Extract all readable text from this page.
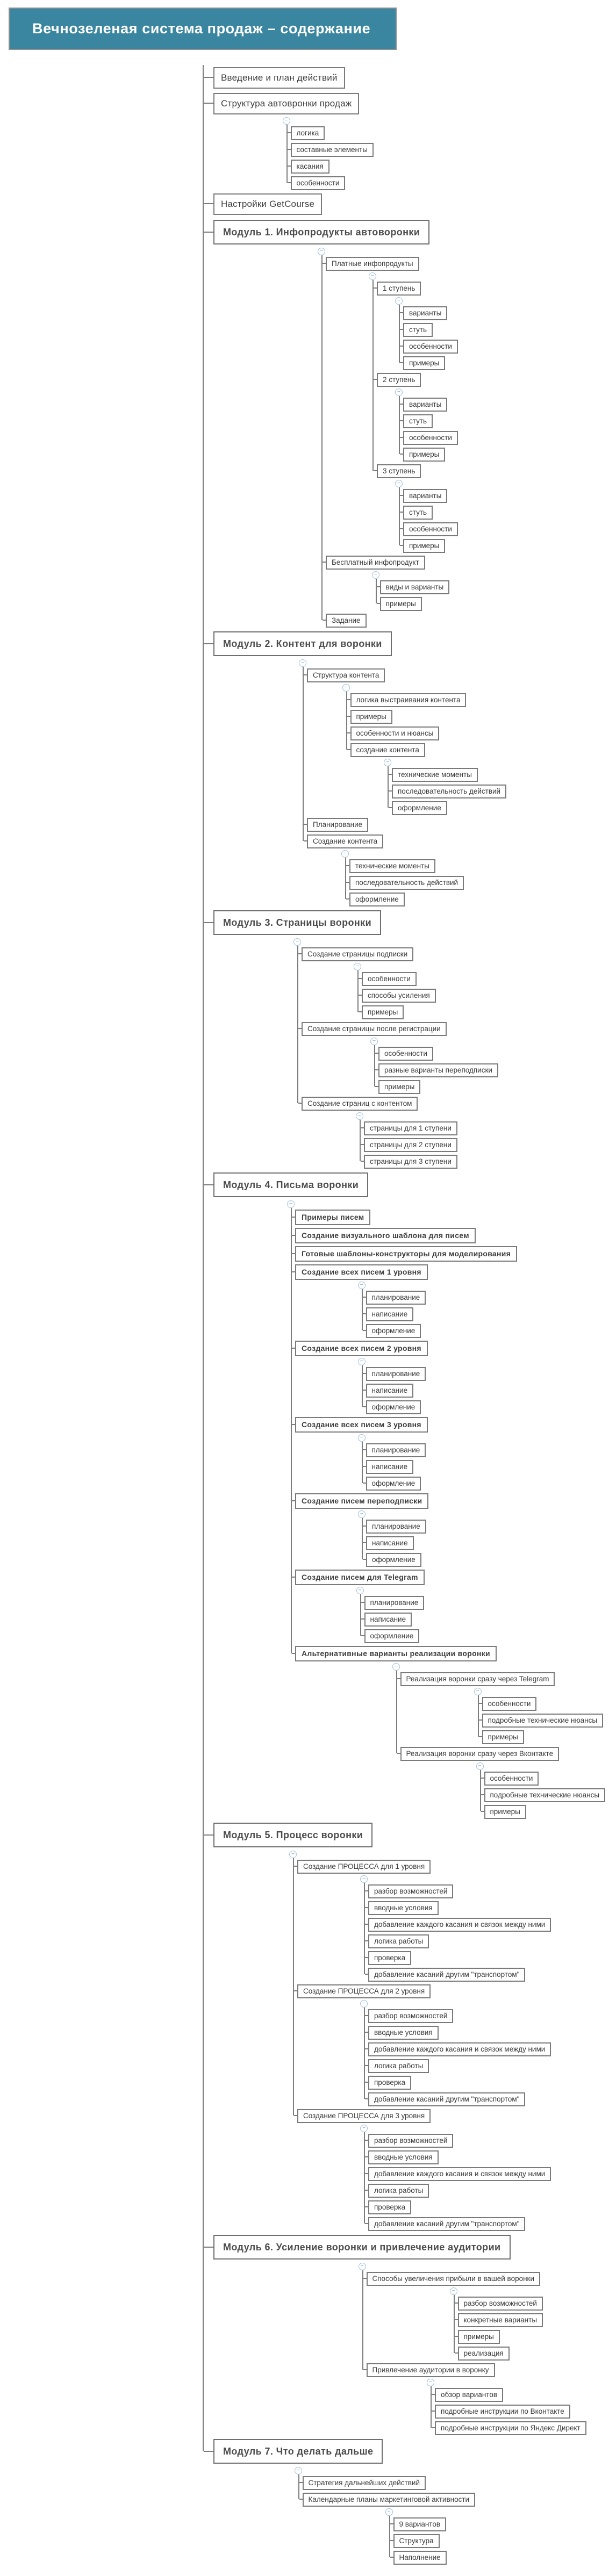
Вечнозеленая система продаж – содержание
Введение и план действий
Структура автовронки продаж
−
логика
составные элементы
касания
особенности
Настройки GetCourse
Модуль 1. Инфопродукты автоворонки
−
Платные инфопродукты
−
1 ступень
−
варианты
стуть
особенности
примеры
2 ступень
−
варианты
стуть
особенности
примеры
3 ступень
−
варианты
стуть
особенности
примеры
Бесплатный инфопродукт
−
виды и варианты
примеры
Задание
Модуль 2. Контент для воронки
−
Структура контента
−
логика выстраивания контента
примеры
особенности и нюансы
создание контента
−
технические моменты
последовательность действий
оформление
Планирование
Создание контента
−
технические моменты
последовательность действий
оформление
Модуль 3. Страницы воронки
−
Создание страницы подписки
−
особенности
способы усиления
примеры
Создание страницы после регистрации
−
особенности
разные варианты переподписки
примеры
Создание страниц с контентом
−
страницы для 1 ступени
страницы для 2 ступени
страницы для 3 ступени
Модуль 4. Письма воронки
−
Примеры писем
Создание визуального шаблона для писем
Готовые шаблоны-конструкторы для моделирования
Создание всех писем 1 уровня
−
планирование
написание
оформление
Создание всех писем 2 уровня
−
планирование
написание
оформление
Создание всех писем 3 уровня
−
планирование
написание
оформление
Создание писем переподписки
−
планирование
написание
оформление
Создание писем для Telegram
−
планирование
написание
оформление
Альтернативные варианты реализации воронки
−
Реализация воронки сразу через Telegram
−
особенности
подробные технические нюансы
примеры
Реализация воронки сразу через Вконтакте
−
особенности
подробные технические нюансы
примеры
Модуль 5. Процесс воронки
−
Создание ПРОЦЕССА для 1 уровня
−
разбор возможностей
вводные условия
добавление каждого касания и связок между ними
логика работы
проверка
добавление касаний другим "транспортом"
Создание ПРОЦЕССА для 2 уровня
−
разбор возможностей
вводные условия
добавление каждого касания и связок между ними
логика работы
проверка
добавление касаний другим "транспортом"
Создание ПРОЦЕССА для 3 уровня
−
разбор возможностей
вводные условия
добавление каждого касания и связок между ними
логика работы
проверка
добавление касаний другим "транспортом"
Модуль 6. Усиление воронки и привлечение аудитории
−
Способы увеличения прибыли в вашей воронки
−
разбор возможностей
конкретные варианты
примеры
реализация
Привлечение аудитории в воронку
−
обзор вариантов
подробные инструкции по Вконтакте
подробные инструкции по Яндекс Директ
Модуль 7. Что делать дальше
−
Стратегия дальнейших действий
Календарные планы маркетинговой активности
−
9 вариантов
Структура
Наполнение
